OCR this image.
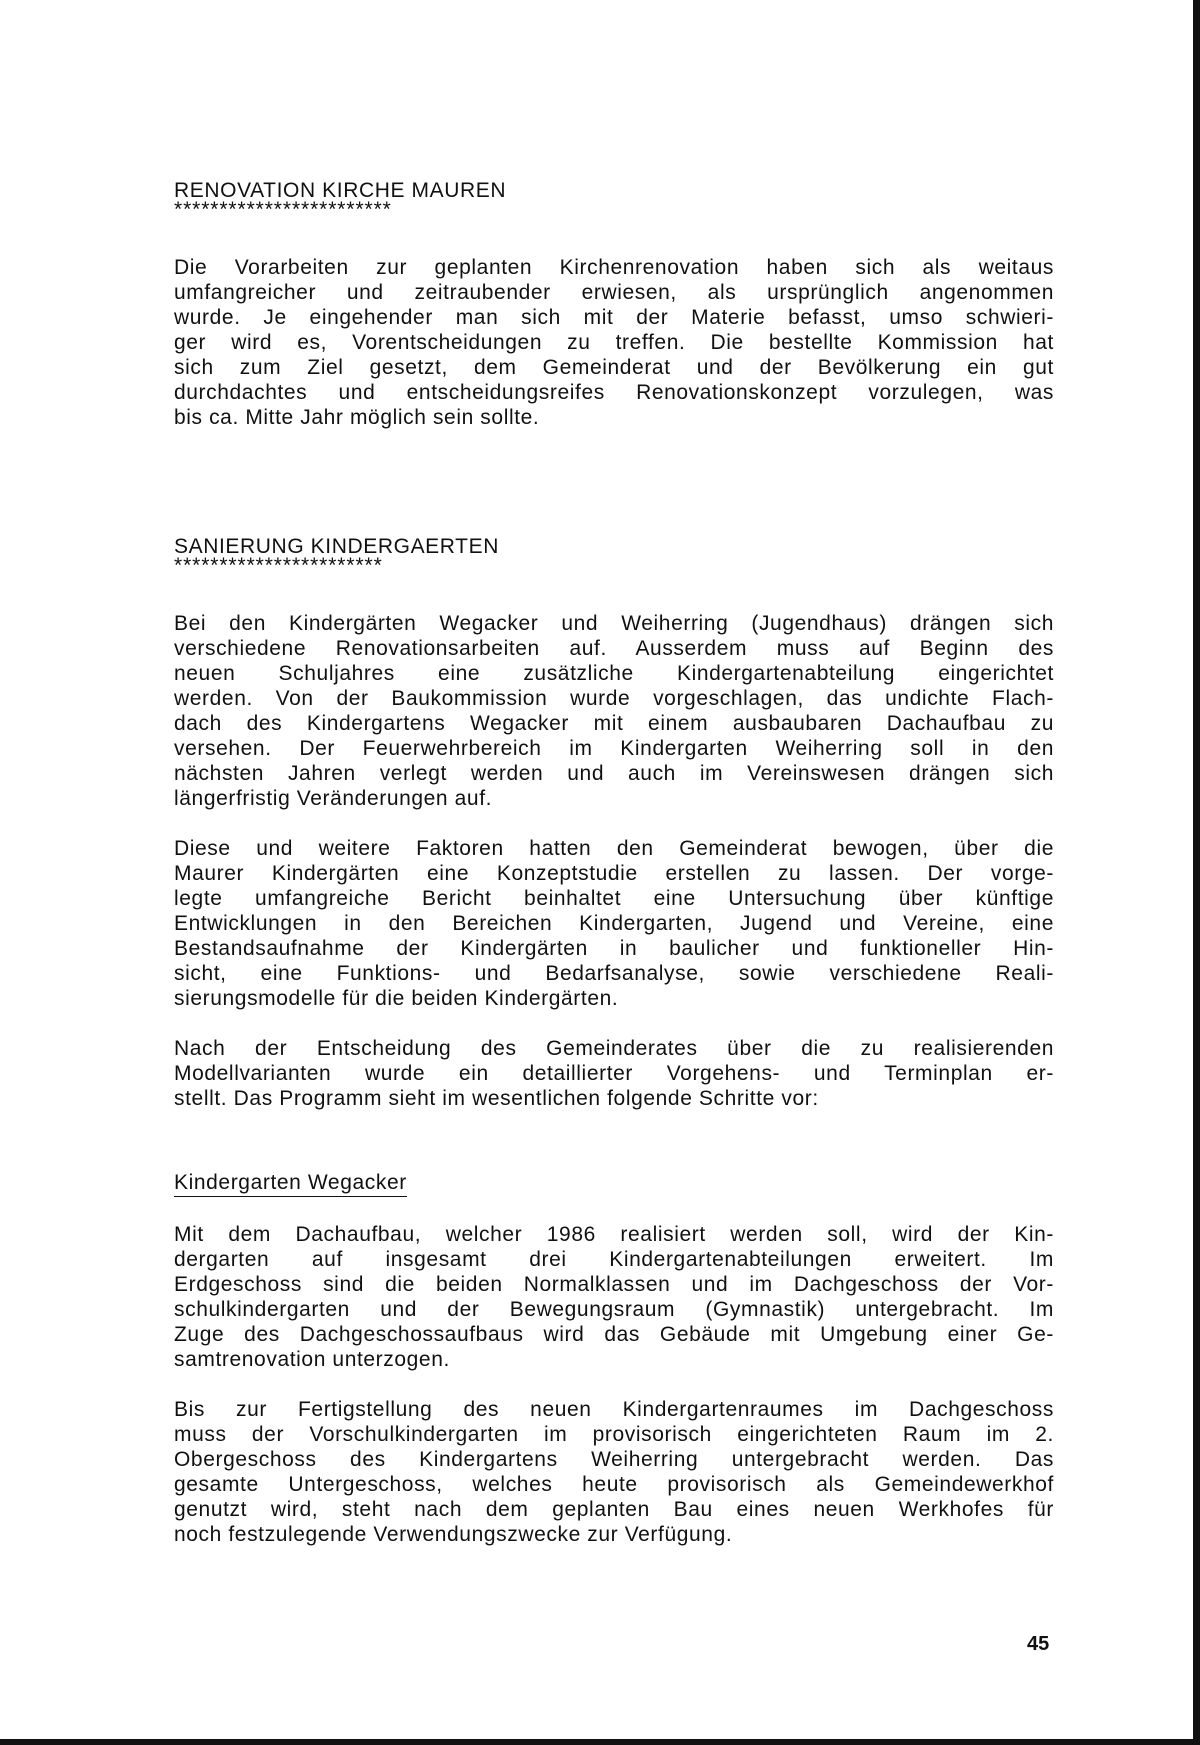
RENOVATION KIRCHE MAUREN
************************
Die Vorarbeiten zur geplanten Kirchenrenovation haben sich als weitaus
umfangreicher und zeitraubender erwiesen, als ursprünglich angenommen
wurde. Je eingehender man sich mit der Materie befasst, umso schwieri-
ger wird es, Vorentscheidungen zu treffen. Die bestellte Kommission hat
sich zum Ziel gesetzt, dem Gemeinderat und der Bevölkerung ein gut
durchdachtes und entscheidungsreifes Renovationskonzept vorzulegen, was
bis ca. Mitte Jahr möglich sein sollte.
SANIERUNG KINDERGAERTEN
***********************
Bei den Kindergärten Wegacker und Weiherring (Jugendhaus) drängen sich
verschiedene Renovationsarbeiten auf. Ausserdem muss auf Beginn des
neuen Schuljahres eine zusätzliche Kindergartenabteilung eingerichtet
werden. Von der Baukommission wurde vorgeschlagen, das undichte Flach-
dach des Kindergartens Wegacker mit einem ausbaubaren Dachaufbau zu
versehen. Der Feuerwehrbereich im Kindergarten Weiherring soll in den
nächsten Jahren verlegt werden und auch im Vereinswesen drängen sich
längerfristig Veränderungen auf.
Diese und weitere Faktoren hatten den Gemeinderat bewogen, über die
Maurer Kindergärten eine Konzeptstudie erstellen zu lassen. Der vorge-
legte umfangreiche Bericht beinhaltet eine Untersuchung über künftige
Entwicklungen in den Bereichen Kindergarten, Jugend und Vereine, eine
Bestandsaufnahme der Kindergärten in baulicher und funktioneller Hin-
sicht, eine Funktions- und Bedarfsanalyse, sowie verschiedene Reali-
sierungsmodelle für die beiden Kindergärten.
Nach der Entscheidung des Gemeinderates über die zu realisierenden
Modellvarianten wurde ein detaillierter Vorgehens- und Terminplan er-
stellt. Das Programm sieht im wesentlichen folgende Schritte vor:
Kindergarten Wegacker
Mit dem Dachaufbau, welcher 1986 realisiert werden soll, wird der Kin-
dergarten auf insgesamt drei Kindergartenabteilungen erweitert. Im
Erdgeschoss sind die beiden Normalklassen und im Dachgeschoss der Vor-
schulkindergarten und der Bewegungsraum (Gymnastik) untergebracht. Im
Zuge des Dachgeschossaufbaus wird das Gebäude mit Umgebung einer Ge-
samtrenovation unterzogen.
Bis zur Fertigstellung des neuen Kindergartenraumes im Dachgeschoss
muss der Vorschulkindergarten im provisorisch eingerichteten Raum im 2.
Obergeschoss des Kindergartens Weiherring untergebracht werden. Das
gesamte Untergeschoss, welches heute provisorisch als Gemeindewerkhof
genutzt wird, steht nach dem geplanten Bau eines neuen Werkhofes für
noch festzulegende Verwendungszwecke zur Verfügung.
45
